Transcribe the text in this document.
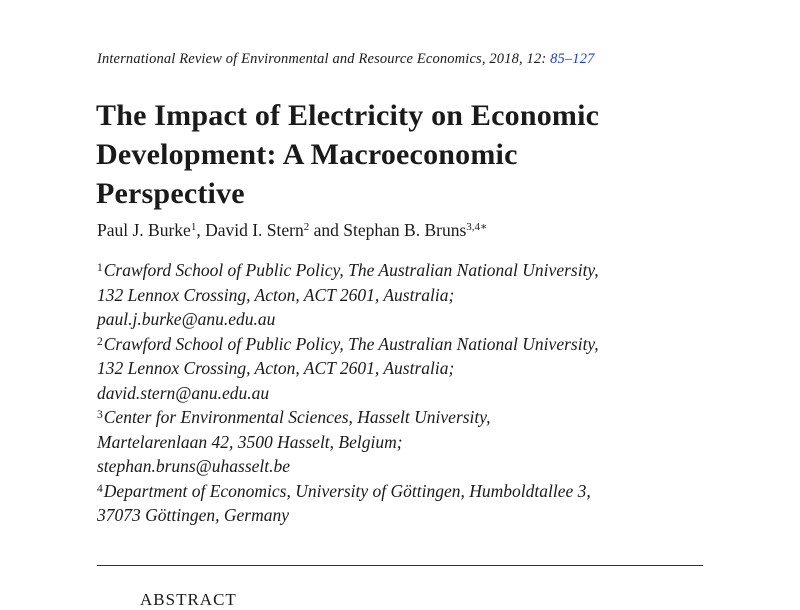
International Review of Environmental and Resource Economics, 2018, 12: 85–127
The Impact of Electricity on Economic
Development: A Macroeconomic
Perspective
Paul J. Burke$^1$, David I. Stern$^2$ and Stephan B. Bruns$^{3,4∗}$
$^1$Crawford School of Public Policy, The Australian National University,
132 Lennox Crossing, Acton, ACT 2601, Australia;
paul.j.burke@anu.edu.au
$^2$Crawford School of Public Policy, The Australian National University,
132 Lennox Crossing, Acton, ACT 2601, Australia;
david.stern@anu.edu.au
$^3$Center for Environmental Sciences, Hasselt University,
Martelarenlaan 42, 3500 Hasselt, Belgium;
stephan.bruns@uhasselt.be
$^4$Department of Economics, University of Göttingen, Humboldtallee 3,
37073 Göttingen, Germany
ABSTRACT
